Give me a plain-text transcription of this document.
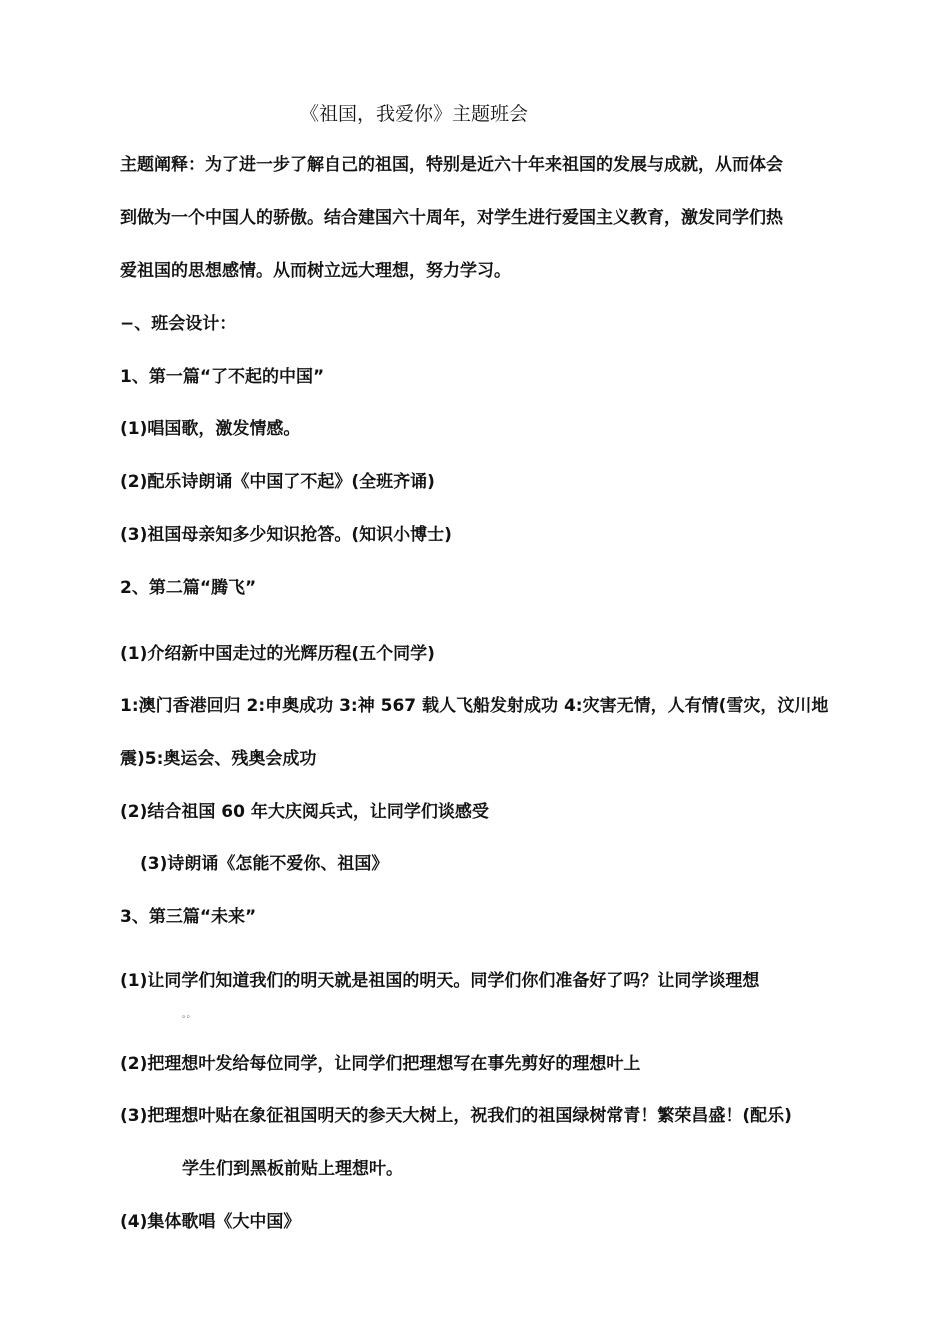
《祖国，我爱你》主题班会
主题阐释：为了进一步了解自己的祖国，特别是近六十年来祖国的发展与成就，从而体会
到做为一个中国人的骄傲。结合建国六十周年，对学生进行爱国主义教育，激发同学们热
爱祖国的思想感情。从而树立远大理想，努力学习。
−、班会设计：
1、第一篇“了不起的中国”
(1)唱国歌，激发情感。
(2)配乐诗朗诵《中国了不起》(全班齐诵)
(3)祖国母亲知多少知识抢答。(知识小博士)
2、第二篇“腾飞”
(1)介绍新中国走过的光辉历程(五个同学)
1:澳门香港回归 2:申奥成功 3:神 567 载人飞船发射成功 4:灾害无情，人有情(雪灾，汶川地
震)5:奥运会、残奥会成功
(2)结合祖国 60 年大庆阅兵式，让同学们谈感受
(3)诗朗诵《怎能不爱你、祖国》
3、第三篇“未来”
(1)让同学们知道我们的明天就是祖国的明天。同学们你们准备好了吗？让同学谈理想
。。
(2)把理想叶发给每位同学，让同学们把理想写在事先剪好的理想叶上
(3)把理想叶贴在象征祖国明天的参天大树上，祝我们的祖国绿树常青！繁荣昌盛！(配乐)
学生们到黑板前贴上理想叶。
(4)集体歌唱《大中国》
